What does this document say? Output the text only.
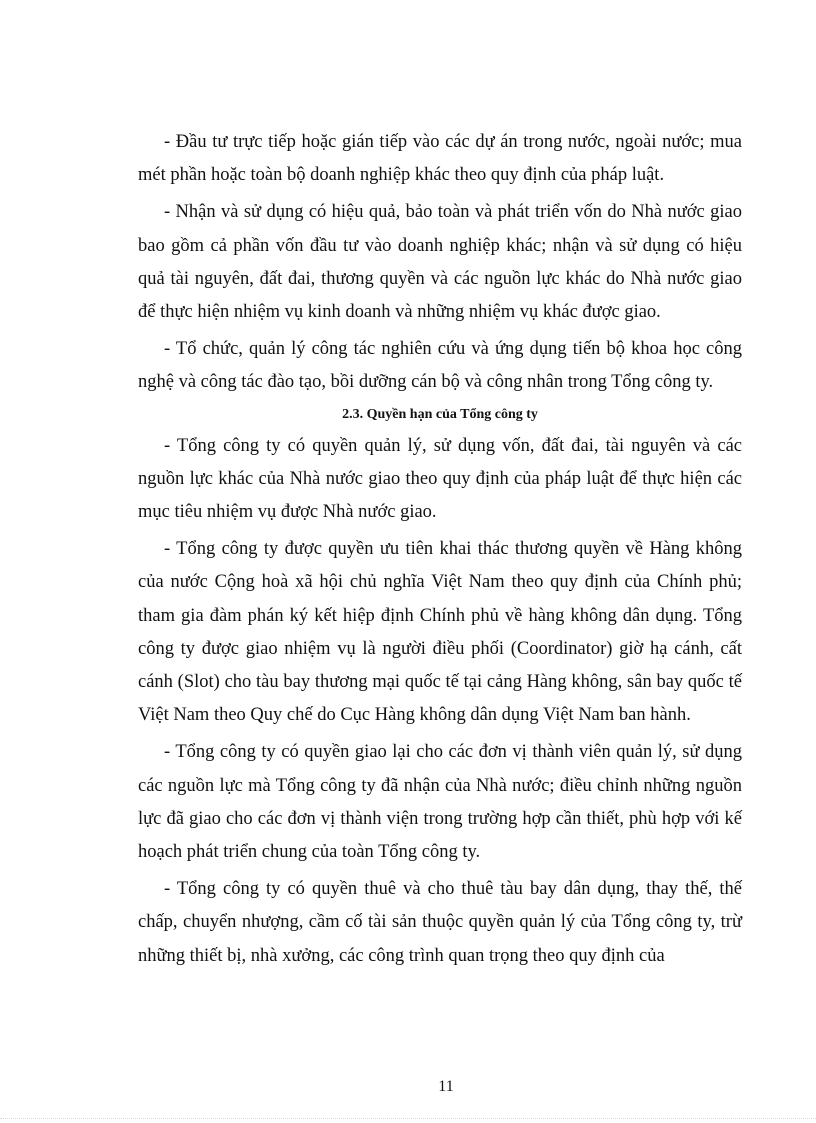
- Đầu tư trực tiếp hoặc gián tiếp vào các dự án trong nước, ngoài nước; mua mét phần hoặc toàn bộ doanh nghiệp khác theo quy định của pháp luật.

- Nhận và sử dụng có hiệu quả, bảo toàn và phát triển vốn do Nhà nước giao bao gồm cả phần vốn đầu tư vào doanh nghiệp khác; nhận và sử dụng có hiệu quả tài nguyên, đất đai, thương quyền và các nguồn lực khác do Nhà nước giao để thực hiện nhiệm vụ kinh doanh và những nhiệm vụ khác được giao.

- Tổ chức, quản lý công tác nghiên cứu và ứng dụng tiến bộ khoa học công nghệ và công tác đào tạo, bồi dưỡng cán bộ và công nhân trong Tổng công ty.

2.3. Quyền hạn của Tổng công ty

- Tổng công ty có quyền quản lý, sử dụng vốn, đất đai, tài nguyên và các nguồn lực khác của Nhà nước giao theo quy định của pháp luật để thực hiện các mục tiêu nhiệm vụ được Nhà nước giao.

- Tổng công ty được quyền ưu tiên khai thác thương quyền về Hàng không của nước Cộng hoà xã hội chủ nghĩa Việt Nam theo quy định của Chính phủ; tham gia đàm phán ký kết hiệp định Chính phủ về hàng không dân dụng. Tổng công ty được giao nhiệm vụ là người điều phối (Coordinator) giờ hạ cánh, cất cánh (Slot) cho tàu bay thương mại quốc tế tại cảng Hàng không, sân bay quốc tế Việt Nam theo Quy chế do Cục Hàng không dân dụng Việt Nam ban hành.

- Tổng công ty có quyền giao lại cho các đơn vị thành viên quản lý, sử dụng các nguồn lực mà Tổng công ty đã nhận của Nhà nước; điều chỉnh những nguồn lực đã giao cho các đơn vị thành viện trong trường hợp cần thiết, phù hợp với kế hoạch phát triển chung của toàn Tổng công ty.

- Tổng công ty có quyền thuê và cho thuê tàu bay dân dụng, thay thế, thế chấp, chuyển nhượng, cầm cố tài sản thuộc quyền quản lý của Tổng công ty, trừ những thiết bị, nhà xưởng, các công trình quan trọng theo quy định của

11
